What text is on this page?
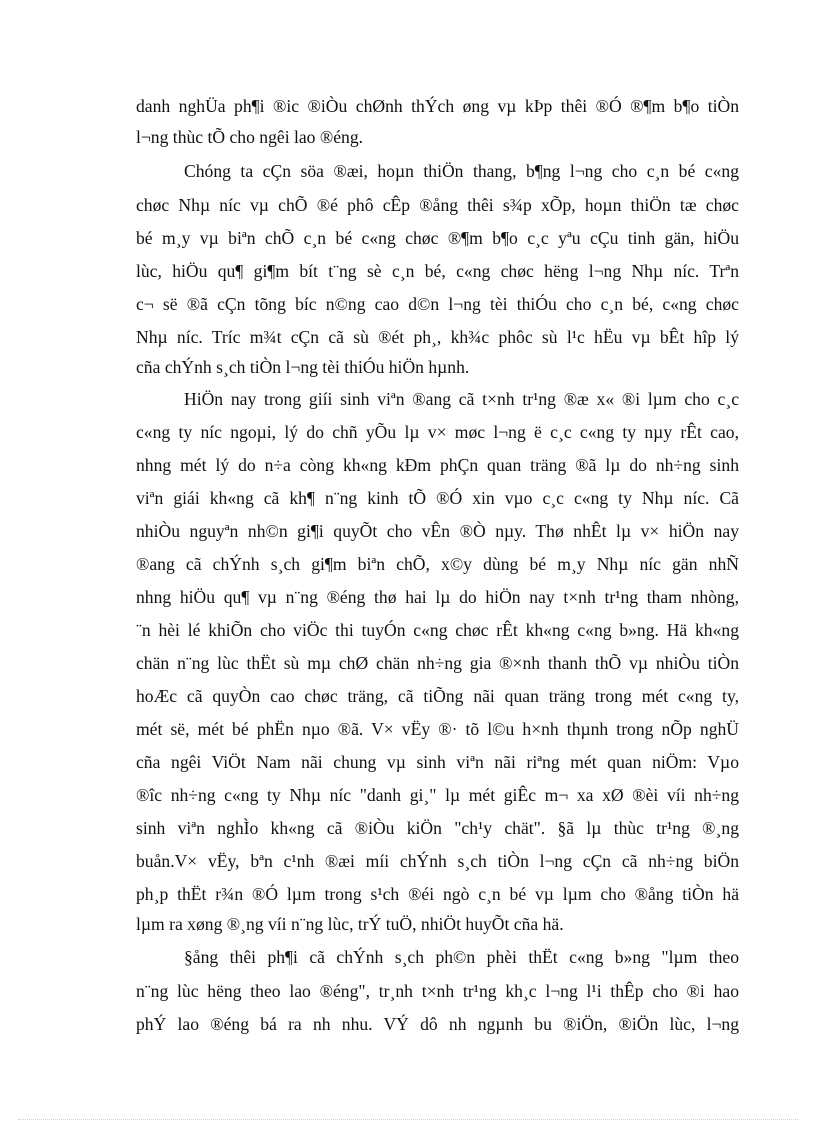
danh nghÜa ph¶i ®ic ®iÒu chØnh thÝch øng vµ kÞp thêi ®Ó ®¶m b¶o tiÒn
l¬ng thùc tÕ cho ngêi lao ®éng.
Chóng ta cÇn söa ®æi, hoµn thiÖn thang, b¶ng l¬ng cho c¸n bé c«ng
chøc Nhµ níc vµ chÕ ®é phô cÊp ®ång thêi s¾p xÕp, hoµn thiÖn tæ chøc
bé m¸y vµ biªn chÕ c¸n bé c«ng chøc ®¶m b¶o c¸c yªu cÇu tinh gän, hiÖu
lùc, hiÖu qu¶ gi¶m bít t¨ng sè c¸n bé, c«ng chøc hëng l¬ng Nhµ níc. Trªn
c¬ së ®ã cÇn tõng bíc n©ng cao d©n l¬ng tèi thiÓu cho c¸n bé, c«ng chøc
Nhµ níc. Tríc m¾t cÇn cã sù ®ét ph¸, kh¾c phôc sù l¹c hËu vµ bÊt hîp lý
cña chÝnh s¸ch tiÒn l¬ng tèi thiÓu hiÖn hµnh.
HiÖn nay trong giíi sinh viªn ®ang cã t×nh tr¹ng ®æ x« ®i lµm cho c¸c
c«ng ty níc ngoµi, lý do chñ yÕu lµ v× møc l¬ng ë c¸c c«ng ty nµy rÊt cao,
nhng mét lý do n÷a còng kh«ng kÐm phÇn quan träng ®ã lµ do nh÷ng sinh
viªn giái kh«ng cã kh¶ n¨ng kinh tÕ ®Ó xin vµo c¸c c«ng ty Nhµ níc. Cã
nhiÒu nguyªn nh©n gi¶i quyÕt cho vÊn ®Ò nµy. Thø nhÊt lµ v× hiÖn nay
®ang cã chÝnh s¸ch gi¶m biªn chÕ, x©y dùng bé m¸y Nhµ níc gän nhÑ
nhng hiÖu qu¶ vµ n¨ng ®éng thø hai lµ do hiÖn nay t×nh tr¹ng tham nhòng,
¨n hèi lé khiÕn cho viÖc thi tuyÓn c«ng chøc rÊt kh«ng c«ng b»ng. Hä kh«ng
chän n¨ng lùc thËt sù mµ chØ chän nh÷ng gia ®×nh thanh thÕ vµ nhiÒu tiÒn
hoÆc cã quyÒn cao chøc träng, cã tiÕng nãi quan träng trong mét c«ng ty,
mét së, mét bé phËn nµo ®ã. V× vËy ®· tõ l©u h×nh thµnh trong nÕp nghÜ
cña ngêi ViÖt Nam nãi chung vµ sinh viªn nãi riªng mét quan niÖm: Vµo
®îc nh÷ng c«ng ty Nhµ níc "danh gi¸" lµ mét giÊc m¬ xa xØ ®èi víi nh÷ng
sinh viªn nghÌo kh«ng cã ®iÒu kiÖn "ch¹y chät". §ã lµ thùc tr¹ng ®¸ng
buån.V× vËy, bªn c¹nh ®æi míi chÝnh s¸ch tiÒn l¬ng cÇn cã nh÷ng biÖn
ph¸p thËt r¾n ®Ó lµm trong s¹ch ®éi ngò c¸n bé vµ lµm cho ®ång tiÒn hä
lµm ra xøng ®¸ng víi n¨ng lùc, trÝ tuÖ, nhiÖt huyÕt cña hä.
§ång thêi ph¶i cã chÝnh s¸ch ph©n phèi thËt c«ng b»ng "lµm theo
n¨ng lùc hëng theo lao ®éng", tr¸nh t×nh tr¹ng kh¸c l¬ng l¹i thÊp cho ®i hao
phÝ lao ®éng bá ra nh nhu. VÝ dô nh ngµnh bu ®iÖn, ®iÖn lùc, l¬ng
